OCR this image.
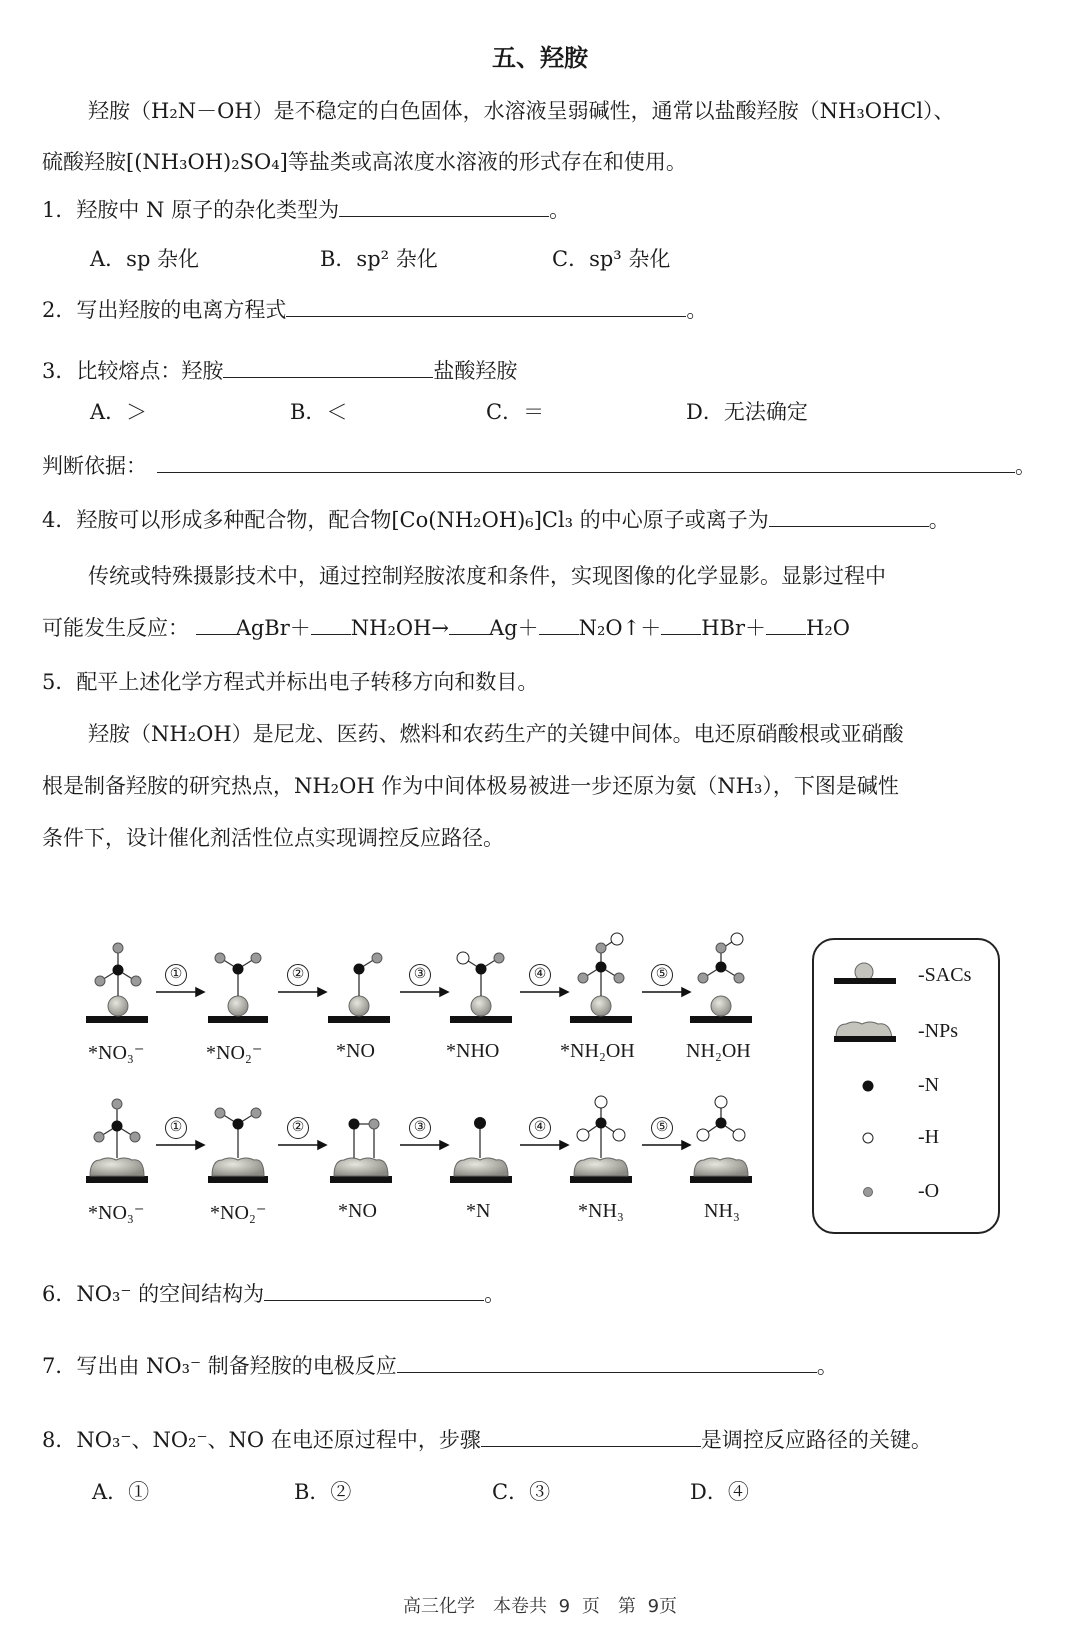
五、羟胺
羟胺（H₂N－OH）是不稳定的白色固体，水溶液呈弱碱性，通常以盐酸羟胺（NH₃OHCl）、
硫酸羟胺[(NH₃OH)₂SO₄]等盐类或高浓度水溶液的形式存在和使用。
1．羟胺中 N 原子的杂化类型为	。
A．sp 杂化	B．sp² 杂化	C．sp³ 杂化
2．写出羟胺的电离方程式	。
3．比较熔点：羟胺	盐酸羟胺
A．＞	B．＜	C．＝	D．无法确定
判断依据：	。
4．羟胺可以形成多种配合物，配合物[Co(NH₂OH)₆]Cl₃ 的中心原子或离子为	。
传统或特殊摄影技术中，通过控制羟胺浓度和条件，实现图像的化学显影。显影过程中
可能发生反应： AgBr＋ NH₂OH→ Ag＋ N₂O↑＋ HBr＋ H₂O
5．配平上述化学方程式并标出电子转移方向和数目。
羟胺（NH₂OH）是尼龙、医药、燃料和农药生产的关键中间体。电还原硝酸根或亚硝酸
根是制备羟胺的研究热点，NH₂OH 作为中间体极易被进一步还原为氨（NH₃），下图是碱性
条件下，设计催化剂活性位点实现调控反应路径。
①	②	③	④	⑤
①	②	③	④	⑤
*NO₃⁻	*NO₂⁻	*NO	*NHO	*NH₂OH	NH₂OH
*NO₃⁻	*NO₂⁻	*NO	*N	*NH₃	NH₃
-SACs
-NPs
-N
-H
-O
6．NO₃⁻ 的空间结构为	。
7．写出由 NO₃⁻ 制备羟胺的电极反应	。
8．NO₃⁻、NO₂⁻、NO 在电还原过程中，步骤	是调控反应路径的关键。
A．①	B．②	C．③	D．④
高三化学　本卷共 9 页　第 9页
